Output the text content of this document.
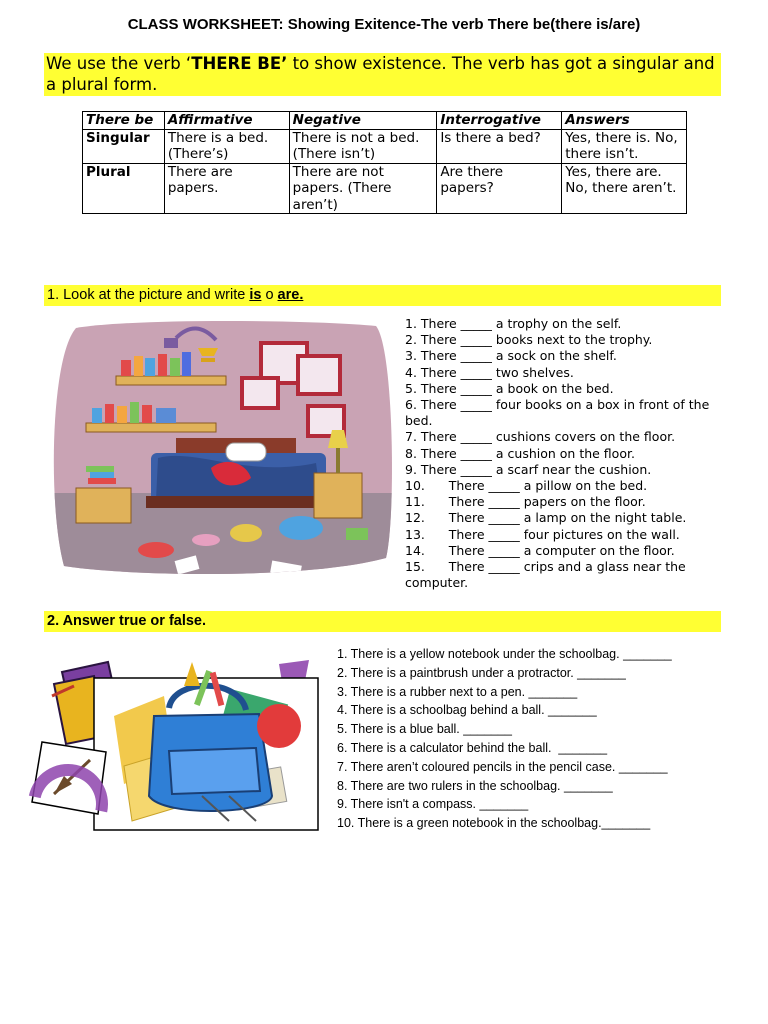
CLASS WORKSHEET: Showing Exitence-The verb There be(there is/are)
We use the verb ‘THERE BE’ to show existence. The verb has got a singular and a plural form.
There be	Affirmative	Negative	Interrogative	Answers
Singular	There is a bed. (There’s)	There is not a bed. (There isn’t)	Is there a bed?	Yes, there is. No, there isn’t.
Plural	There are papers.	There are not papers. (There aren’t)	Are there papers?	Yes, there are. No, there aren’t.
1. Look at the picture and write is o are.
1. There _____ a trophy on the self.
2. There _____ books next to the trophy.
3. There _____ a sock on the shelf.
4. There _____ two shelves.
5. There _____ a book on the bed.
6. There _____ four books on a box in front of the bed.
7. There _____ cushions covers on the floor.
8. There _____ a cushion on the floor.
9. There _____ a scarf near the cushion.
10.      There _____ a pillow on the bed.
11.      There _____ papers on the floor.
12.      There _____ a lamp on the night table.
13.      There _____ four pictures on the wall.
14.      There _____ a computer on the floor.
15.      There _____ crips and a glass near the computer.
2. Answer true or false.
1. There is a yellow notebook under the schoolbag. _______
2. There is a paintbrush under a protractor. _______
3. There is a rubber next to a pen. _______
4. There is a schoolbag behind a ball. _______
5. There is a blue ball. _______
6. There is a calculator behind the ball.  _______
7. There aren’t coloured pencils in the pencil case. _______
8. There are two rulers in the schoolbag. _______
9. There isn't a compass. _______
10. There is a green notebook in the schoolbag._______
